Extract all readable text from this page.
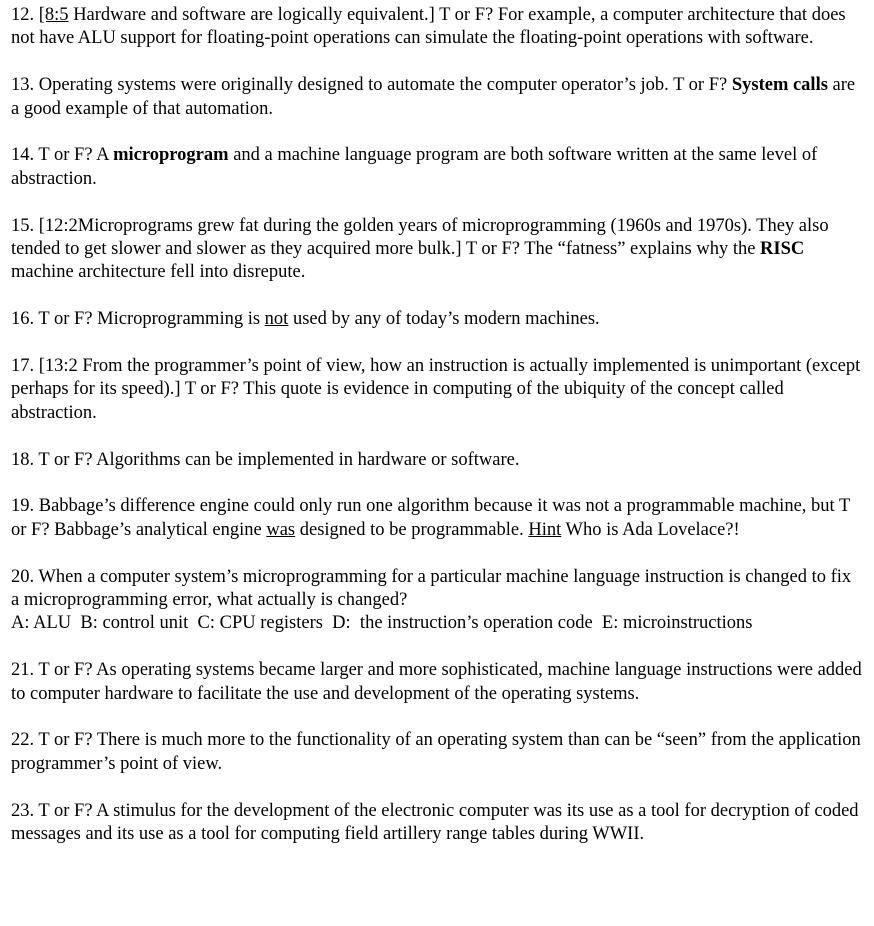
12. [8:5 Hardware and software are logically equivalent.] T or F? For example, a computer architecture that does not have ALU support for floating-point operations can simulate the floating-point operations with software.

13. Operating systems were originally designed to automate the computer operator’s job. T or F? System calls are a good example of that automation.

14. T or F? A microprogram and a machine language program are both software written at the same level of abstraction.

15. [12:2Microprograms grew fat during the golden years of microprogramming (1960s and 1970s). They also tended to get slower and slower as they acquired more bulk.] T or F? The “fatness” explains why the RISC machine architecture fell into disrepute.

16. T or F? Microprogramming is not used by any of today’s modern machines.

17. [13:2 From the programmer’s point of view, how an instruction is actually implemented is unimportant (except perhaps for its speed).] T or F? This quote is evidence in computing of the ubiquity of the concept called abstraction.

18. T or F? Algorithms can be implemented in hardware or software.

19. Babbage’s difference engine could only run one algorithm because it was not a programmable machine, but T or F? Babbage’s analytical engine was designed to be programmable. Hint Who is Ada Lovelace?!

20. When a computer system’s microprogramming for a particular machine language instruction is changed to fix a microprogramming error, what actually is changed?
A: ALU  B: control unit  C: CPU registers  D:  the instruction’s operation code  E: microinstructions

21. T or F? As operating systems became larger and more sophisticated, machine language instructions were added to computer hardware to facilitate the use and development of the operating systems.

22. T or F? There is much more to the functionality of an operating system than can be “seen” from the application programmer’s point of view.

23. T or F? A stimulus for the development of the electronic computer was its use as a tool for decryption of coded messages and its use as a tool for computing field artillery range tables during WWII.
